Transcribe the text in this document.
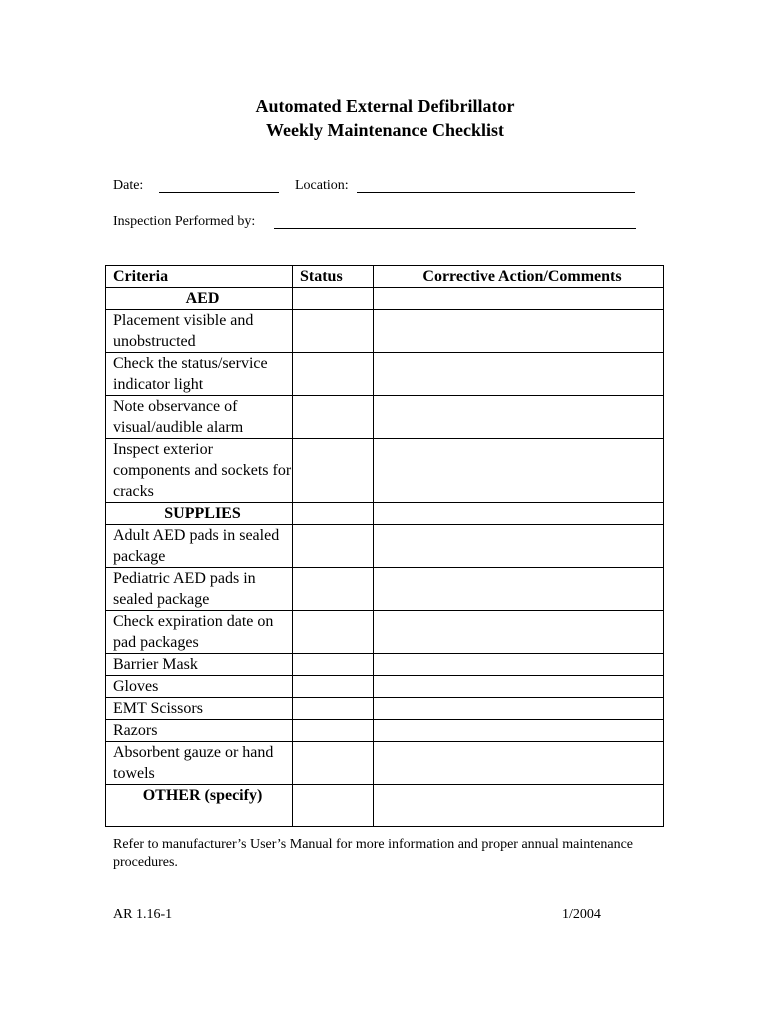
Automated External Defibrillator
Weekly Maintenance Checklist
Date:	Location:
Inspection Performed by:
Criteria	Status	Corrective Action/Comments
AED		
Placement visible and unobstructed		
Check the status/service indicator light		
Note observance of visual/audible alarm		
Inspect exterior components and sockets for cracks		
SUPPLIES		
Adult AED pads in sealed package		
Pediatric AED pads in sealed package		
Check expiration date on pad packages		
Barrier Mask		
Gloves		
EMT Scissors		
Razors		
Absorbent gauze or hand towels		
OTHER (specify)		
Refer to manufacturer’s User’s Manual for more information and proper annual maintenance procedures.
AR 1.16-1	1/2004
